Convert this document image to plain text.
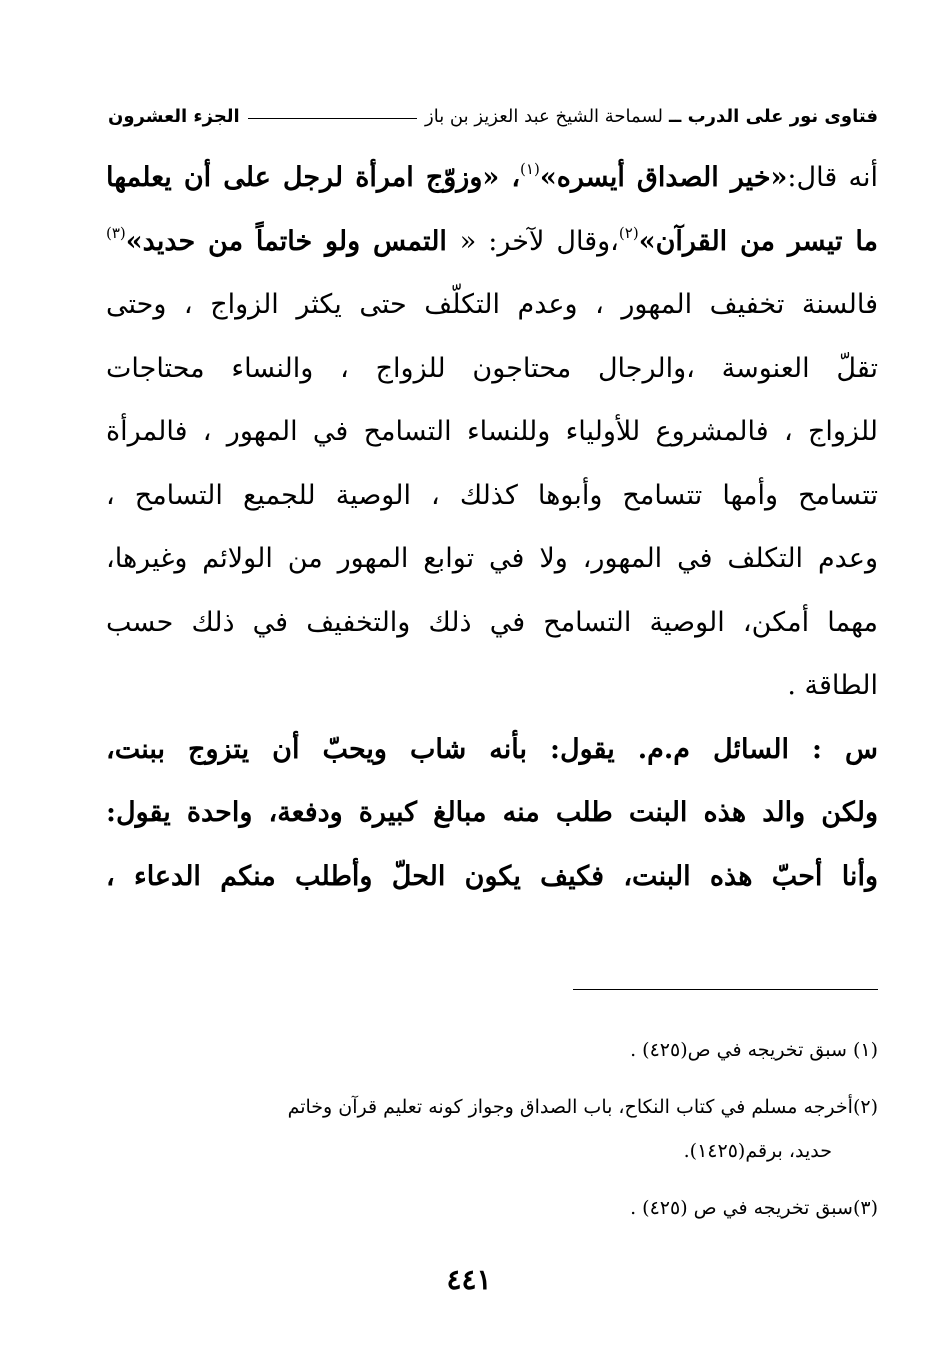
فتاوى نور على الدرب ــ
لسماحة الشيخ عبد العزيز بن باز
الجزء العشرون
أنه قال:«خير الصداق أيسره»$^{(١)}$، «وزوّج امرأة لرجل على أن يعلمها
ما تيسر من القرآن»$^{(٢)}$،وقال لآخر: « التمس ولو خاتماً من حديد»$^{(٣)}$
فالسنة تخفيف المهور ، وعدم التكلّف حتى يكثر الزواج ، وحتى
تقلّ العنوسة ،والرجال محتاجون للزواج ، والنساء محتاجات
للزواج ، فالمشروع للأولياء وللنساء التسامح في المهور ، فالمرأة
تتسامح وأمها تتسامح وأبوها كذلك ، الوصية للجميع التسامح ،
وعدم التكلف في المهور، ولا في توابع المهور من الولائم وغيرها،
مهما أمكن، الوصية التسامح في ذلك والتخفيف في ذلك حسب
الطاقة .
س : السائل م.م. يقول: بأنه شاب ويحبّ أن يتزوج ببنت،
ولكن والد هذه البنت طلب منه مبالغ كبيرة ودفعة، واحدة يقول:
وأنا أحبّ هذه البنت، فكيف يكون الحلّ وأطلب منكم الدعاء ،
(١) سبق تخريجه في ص(٤٢٥) .
(٢)أخرجه مسلم في كتاب النكاح، باب الصداق وجواز كونه تعليم قرآن وخاتم
حديد، برقم(١٤٢٥).
(٣)سبق تخريجه في ص (٤٢٥) .
٤٤١
